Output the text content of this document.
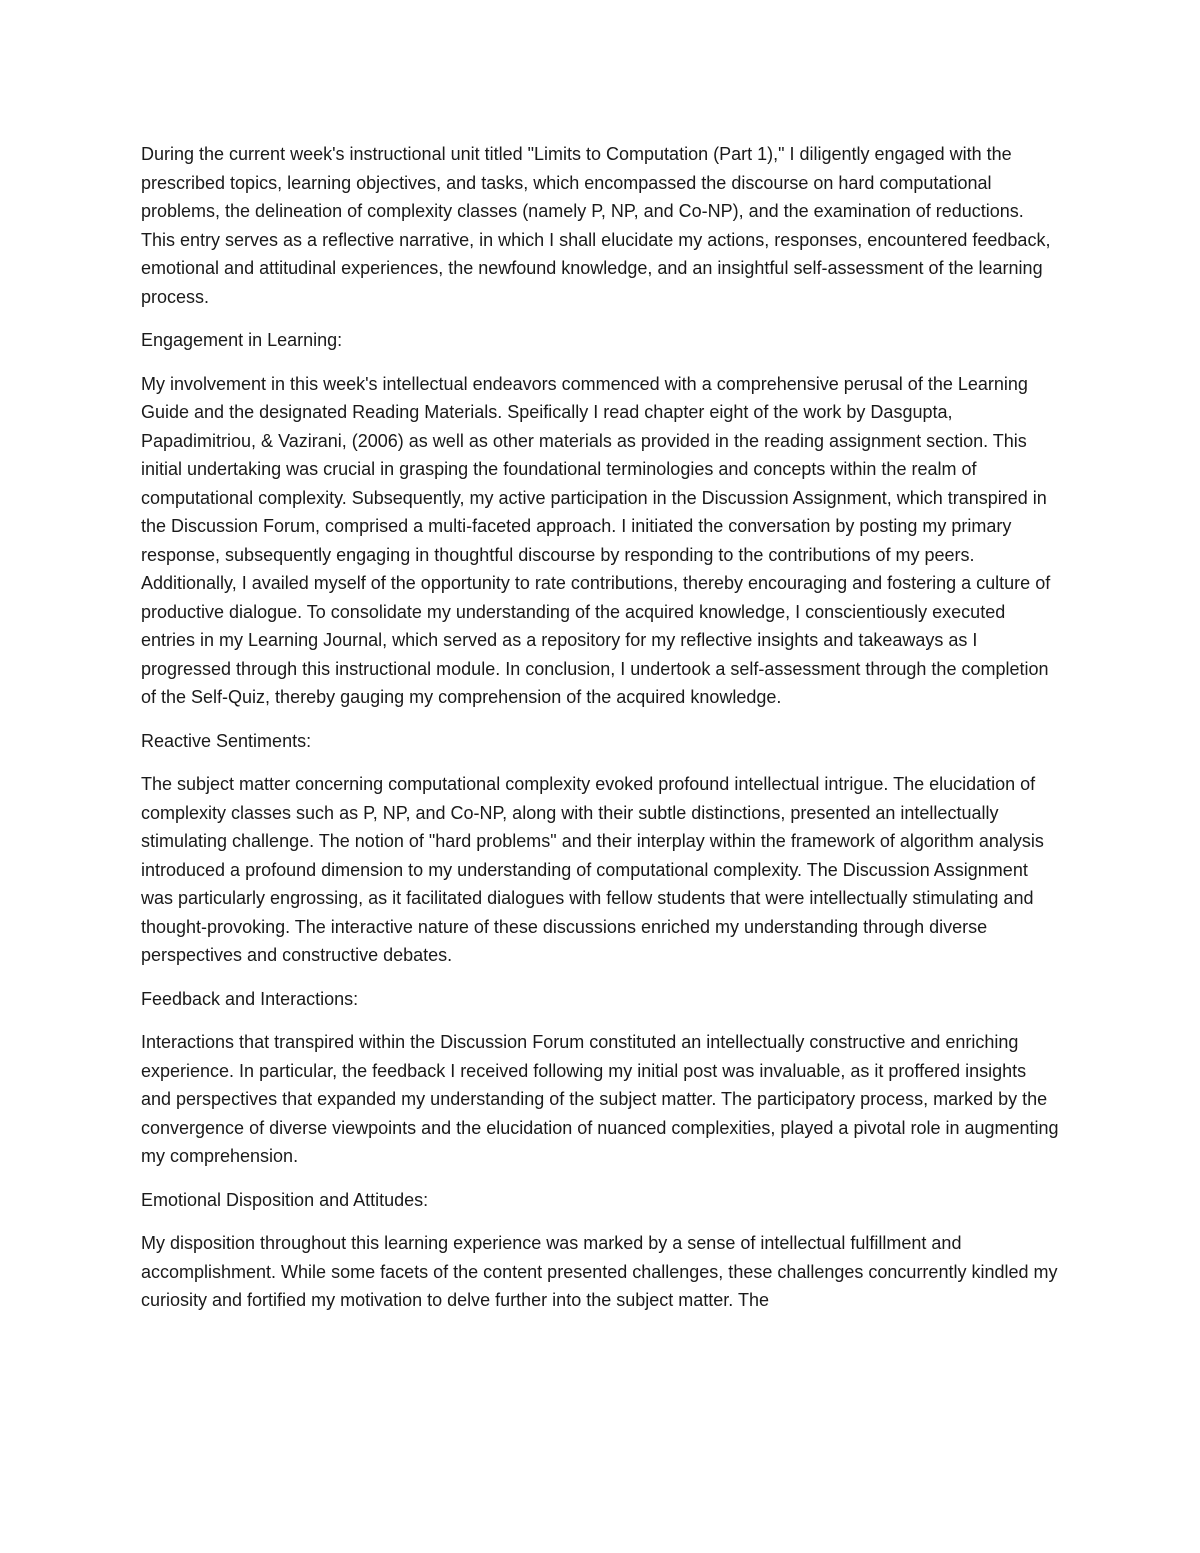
During the current week's instructional unit titled "Limits to Computation (Part 1)," I diligently engaged with the prescribed topics, learning objectives, and tasks, which encompassed the discourse on hard computational problems, the delineation of complexity classes (namely P, NP, and Co-NP), and the examination of reductions. This entry serves as a reflective narrative, in which I shall elucidate my actions, responses, encountered feedback, emotional and attitudinal experiences, the newfound knowledge, and an insightful self-assessment of the learning process.

Engagement in Learning:

My involvement in this week's intellectual endeavors commenced with a comprehensive perusal of the Learning Guide and the designated Reading Materials. Speifically I read chapter eight of the work by Dasgupta, Papadimitriou, & Vazirani, (2006) as well as other materials as provided in the reading assignment section. This initial undertaking was crucial in grasping the foundational terminologies and concepts within the realm of computational complexity. Subsequently, my active participation in the Discussion Assignment, which transpired in the Discussion Forum, comprised a multi-faceted approach. I initiated the conversation by posting my primary response, subsequently engaging in thoughtful discourse by responding to the contributions of my peers. Additionally, I availed myself of the opportunity to rate contributions, thereby encouraging and fostering a culture of productive dialogue. To consolidate my understanding of the acquired knowledge, I conscientiously executed entries in my Learning Journal, which served as a repository for my reflective insights and takeaways as I progressed through this instructional module. In conclusion, I undertook a self-assessment through the completion of the Self-Quiz, thereby gauging my comprehension of the acquired knowledge.

Reactive Sentiments:

The subject matter concerning computational complexity evoked profound intellectual intrigue. The elucidation of complexity classes such as P, NP, and Co-NP, along with their subtle distinctions, presented an intellectually stimulating challenge. The notion of "hard problems" and their interplay within the framework of algorithm analysis introduced a profound dimension to my understanding of computational complexity. The Discussion Assignment was particularly engrossing, as it facilitated dialogues with fellow students that were intellectually stimulating and thought-provoking. The interactive nature of these discussions enriched my understanding through diverse perspectives and constructive debates.

Feedback and Interactions:

Interactions that transpired within the Discussion Forum constituted an intellectually constructive and enriching experience. In particular, the feedback I received following my initial post was invaluable, as it proffered insights and perspectives that expanded my understanding of the subject matter. The participatory process, marked by the convergence of diverse viewpoints and the elucidation of nuanced complexities, played a pivotal role in augmenting my comprehension.

Emotional Disposition and Attitudes:

My disposition throughout this learning experience was marked by a sense of intellectual fulfillment and accomplishment. While some facets of the content presented challenges, these challenges concurrently kindled my curiosity and fortified my motivation to delve further into the subject matter. The
